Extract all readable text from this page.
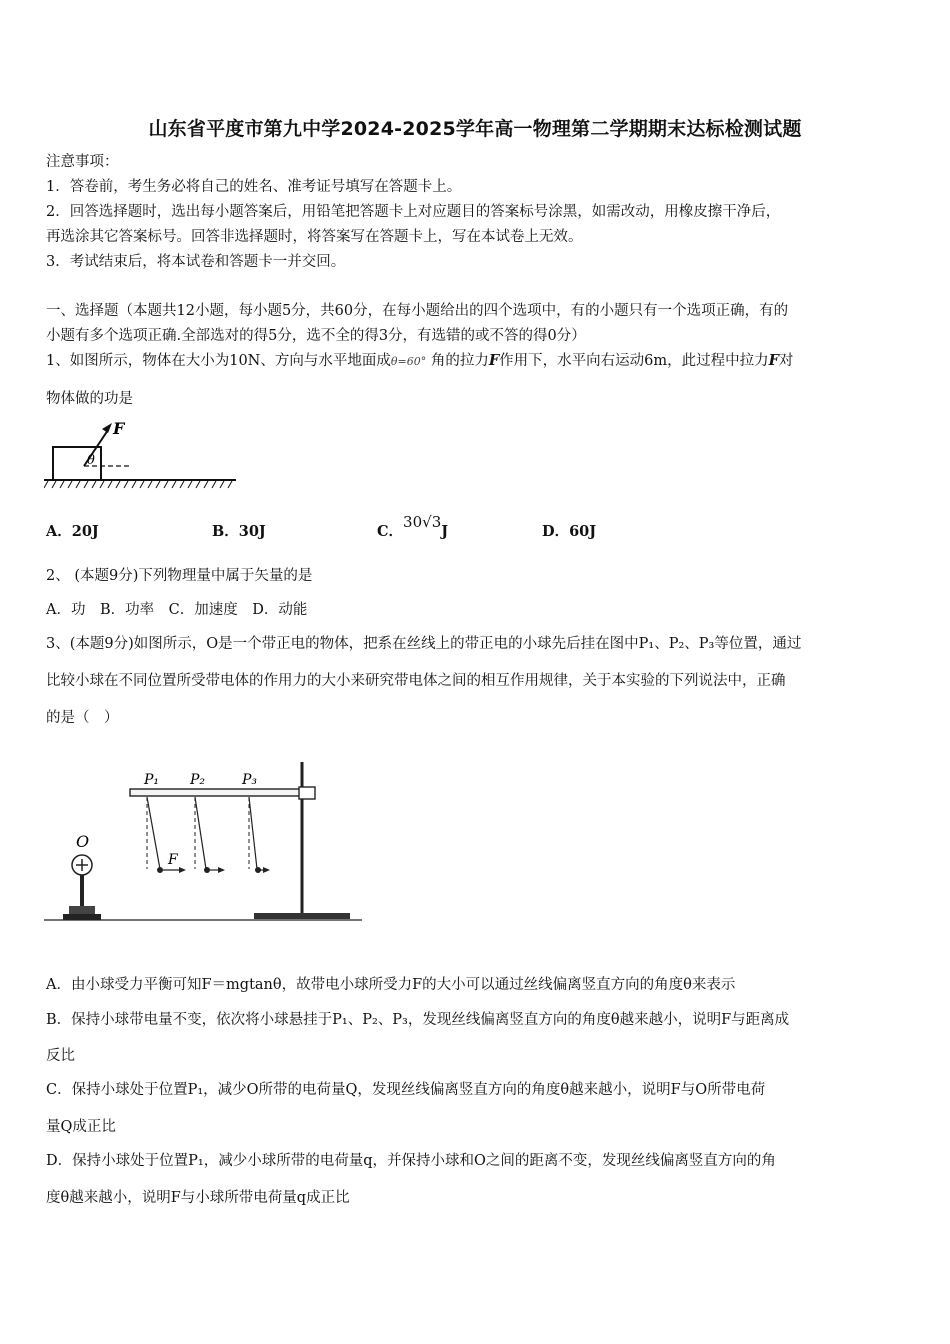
山东省平度市第九中学2024-2025学年高一物理第二学期期末达标检测试题
注意事项：
1．答卷前，考生务必将自己的姓名、准考证号填写在答题卡上。
2．回答选择题时，选出每小题答案后，用铅笔把答题卡上对应题目的答案标号涂黑，如需改动，用橡皮擦干净后，
再选涂其它答案标号。回答非选择题时，将答案写在答题卡上，写在本试卷上无效。
3．考试结束后，将本试卷和答题卡一并交回。
一、选择题（本题共12小题，每小题5分，共60分，在每小题给出的四个选项中，有的小题只有一个选项正确，有的
小题有多个选项正确.全部选对的得5分，选不全的得3分，有选错的或不答的得0分）
1、如图所示，物体在大小为10N、方向与水平地面成θ=60° 角的拉力F作用下，水平向右运动6m，此过程中拉力F对
物体做的功是
F
θ
A．20J	B．30J	C．30√3J	D．60J
2、 (本题9分)下列物理量中属于矢量的是
A．功　B．功率　C．加速度　D．动能
3、(本题9分)如图所示，O是一个带正电的物体，把系在丝线上的带正电的小球先后挂在图中P₁、P₂、P₃等位置，通过
比较小球在不同位置所受带电体的作用力的大小来研究带电体之间的相互作用规律，关于本实验的下列说法中，正确
的是（　）
P₁ P₂	P₃
F
O
A．由小球受力平衡可知F＝mgtanθ，故带电小球所受力F的大小可以通过丝线偏离竖直方向的角度θ来表示
B．保持小球带电量不变，依次将小球悬挂于P₁、P₂、P₃，发现丝线偏离竖直方向的角度θ越来越小，说明F与距离成
反比
C．保持小球处于位置P₁，减少O所带的电荷量Q，发现丝线偏离竖直方向的角度θ越来越小，说明F与O所带电荷
量Q成正比
D．保持小球处于位置P₁，减少小球所带的电荷量q，并保持小球和O之间的距离不变，发现丝线偏离竖直方向的角
度θ越来越小，说明F与小球所带电荷量q成正比
